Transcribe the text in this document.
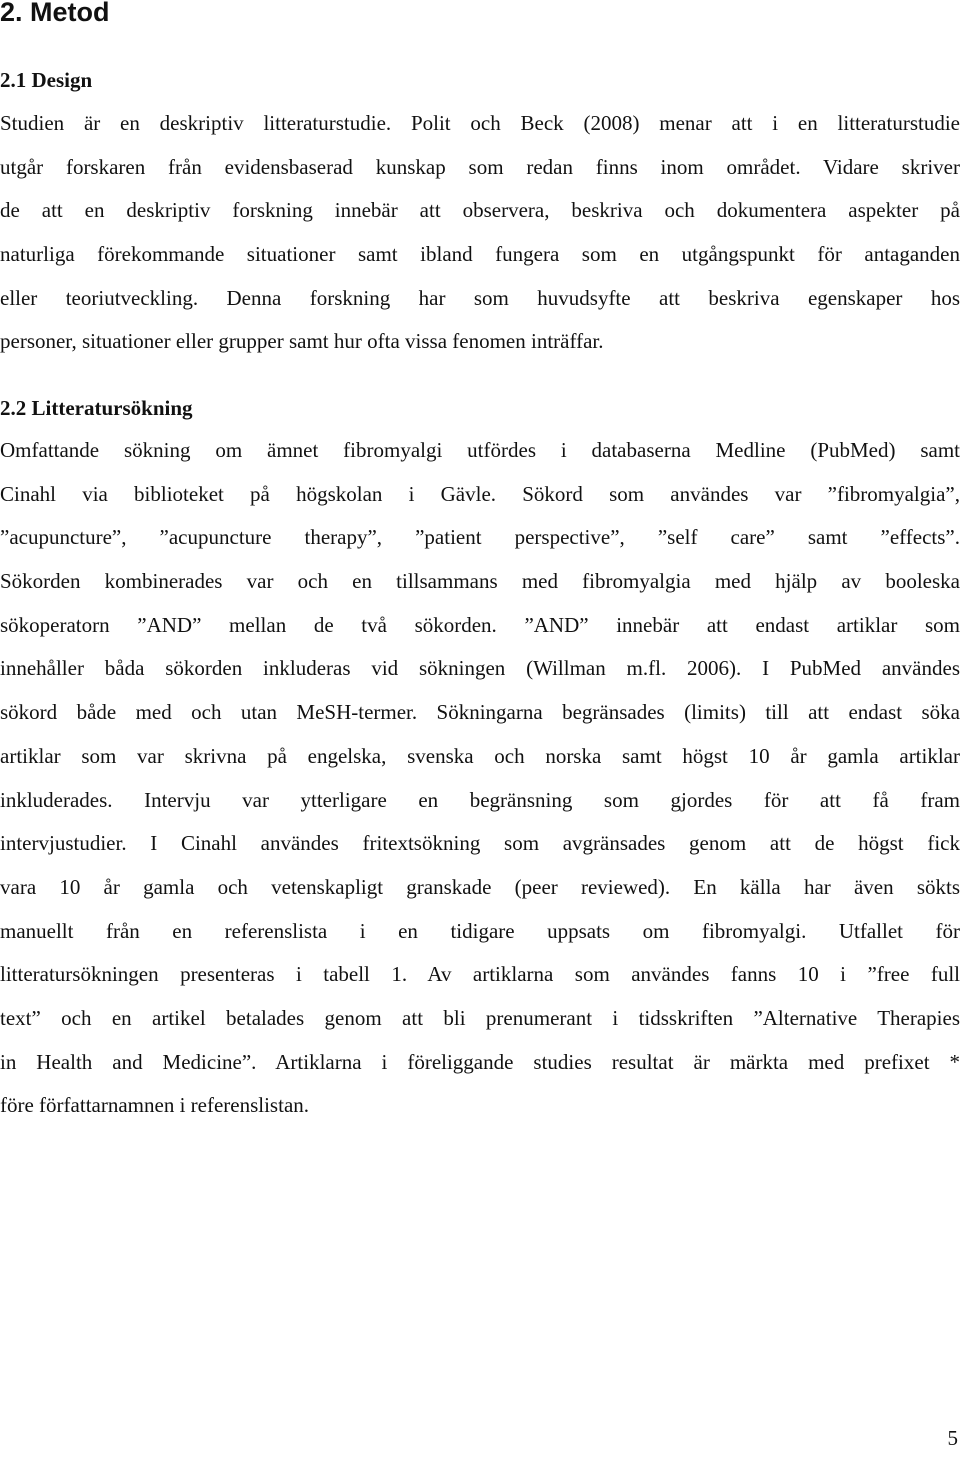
2. Metod
2.1 Design
Studien är en deskriptiv litteraturstudie. Polit och Beck (2008) menar att i en litteraturstudie
utgår forskaren från evidensbaserad kunskap som redan finns inom området. Vidare skriver
de att en deskriptiv forskning innebär att observera, beskriva och dokumentera aspekter på
naturliga förekommande situationer samt ibland fungera som en utgångspunkt för antaganden
eller teoriutveckling. Denna forskning har som huvudsyfte att beskriva egenskaper hos
personer, situationer eller grupper samt hur ofta vissa fenomen inträffar.
2.2 Litteratursökning
Omfattande sökning om ämnet fibromyalgi utfördes i databaserna Medline (PubMed) samt
Cinahl via biblioteket på högskolan i Gävle. Sökord som användes var ”fibromyalgia”,
”acupuncture”, ”acupuncture therapy”, ”patient perspective”, ”self care” samt ”effects”.
Sökorden kombinerades var och en tillsammans med fibromyalgia med hjälp av booleska
sökoperatorn ”AND” mellan de två sökorden. ”AND” innebär att endast artiklar som
innehåller båda sökorden inkluderas vid sökningen (Willman m.fl. 2006). I PubMed användes
sökord både med och utan MeSH-termer. Sökningarna begränsades (limits) till att endast söka
artiklar som var skrivna på engelska, svenska och norska samt högst 10 år gamla artiklar
inkluderades. Intervju var ytterligare en begränsning som gjordes för att få fram
intervjustudier. I Cinahl användes fritextsökning som avgränsades genom att de högst fick
vara 10 år gamla och vetenskapligt granskade (peer reviewed). En källa har även sökts
manuellt från en referenslista i en tidigare uppsats om fibromyalgi. Utfallet för
litteratursökningen presenteras i tabell 1. Av artiklarna som användes fanns 10 i ”free full
text” och en artikel betalades genom att bli prenumerant i tidsskriften ”Alternative Therapies
in Health and Medicine”. Artiklarna i föreliggande studies resultat är märkta med prefixet *
före författarnamnen i referenslistan.

5
